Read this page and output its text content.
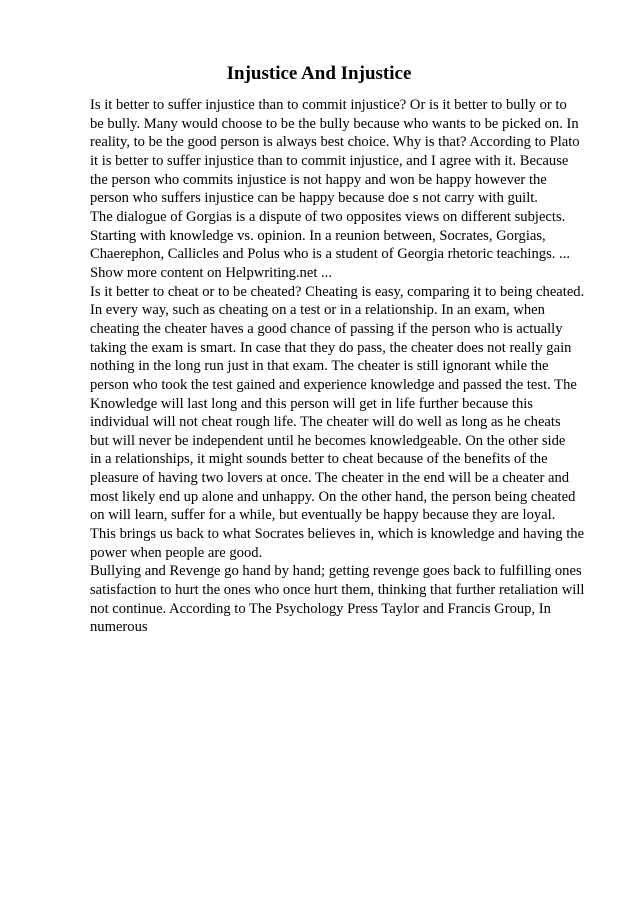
Injustice And Injustice
Is it better to suffer injustice than to commit injustice? Or is it better to bully or to
be bully. Many would choose to be the bully because who wants to be picked on. In
reality, to be the good person is always best choice. Why is that? According to Plato
it is better to suffer injustice than to commit injustice, and I agree with it. Because
the person who commits injustice is not happy and won be happy however the
person who suffers injustice can be happy because doe s not carry with guilt.
The dialogue of Gorgias is a dispute of two opposites views on different subjects.
Starting with knowledge vs. opinion. In a reunion between, Socrates, Gorgias,
Chaerephon, Callicles and Polus who is a student of Georgia rhetoric teachings. ...
Show more content on Helpwriting.net ...
Is it better to cheat or to be cheated? Cheating is easy, comparing it to being cheated.
In every way, such as cheating on a test or in a relationship. In an exam, when
cheating the cheater haves a good chance of passing if the person who is actually
taking the exam is smart. In case that they do pass, the cheater does not really gain
nothing in the long run just in that exam. The cheater is still ignorant while the
person who took the test gained and experience knowledge and passed the test. The
Knowledge will last long and this person will get in life further because this
individual will not cheat rough life. The cheater will do well as long as he cheats
but will never be independent until he becomes knowledgeable. On the other side
in a relationships, it might sounds better to cheat because of the benefits of the
pleasure of having two lovers at once. The cheater in the end will be a cheater and
most likely end up alone and unhappy. On the other hand, the person being cheated
on will learn, suffer for a while, but eventually be happy because they are loyal.
This brings us back to what Socrates believes in, which is knowledge and having the
power when people are good.
Bullying and Revenge go hand by hand; getting revenge goes back to fulfilling ones
satisfaction to hurt the ones who once hurt them, thinking that further retaliation will
not continue. According to The Psychology Press Taylor and Francis Group, In
numerous
